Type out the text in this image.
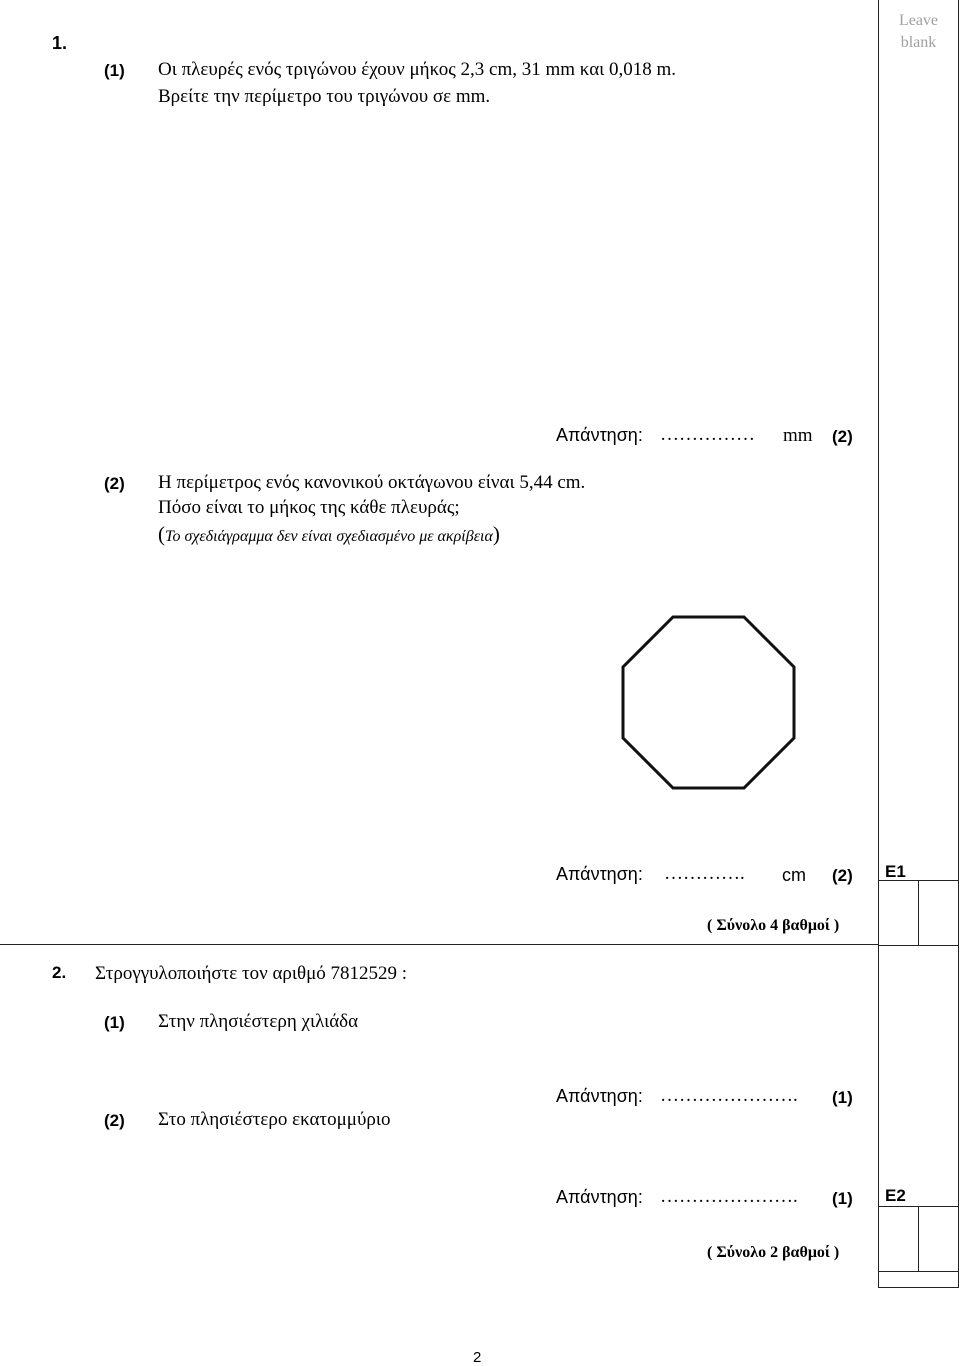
Leave
blank
E1
E2
1.
(1) Οι πλευρές ενός τριγώνου έχουν μήκος 2,3 cm, 31 mm και 0,018 m.
Βρείτε την περίμετρο του τριγώνου σε mm.
Απάντηση: …………… mm (2)
(2) Η περίμετρος ενός κανονικού οκτάγωνου είναι 5,44 cm.
Πόσο είναι το μήκος της κάθε πλευράς;
(Το σχεδιάγραμμα δεν είναι σχεδιασμένο με ακρίβεια)
Απάντηση: …………. cm (2)
( Σύνολο 4 βαθμοί )
2. Στρογγυλοποιήστε τον αριθμό 7812529 :
(1) Στην πλησιέστερη χιλιάδα
Απάντηση: …………………. (1)
(2) Στο πλησιέστερο εκατομμύριο
Απάντηση: …………………. (1)
( Σύνολο 2 βαθμοί )
2
